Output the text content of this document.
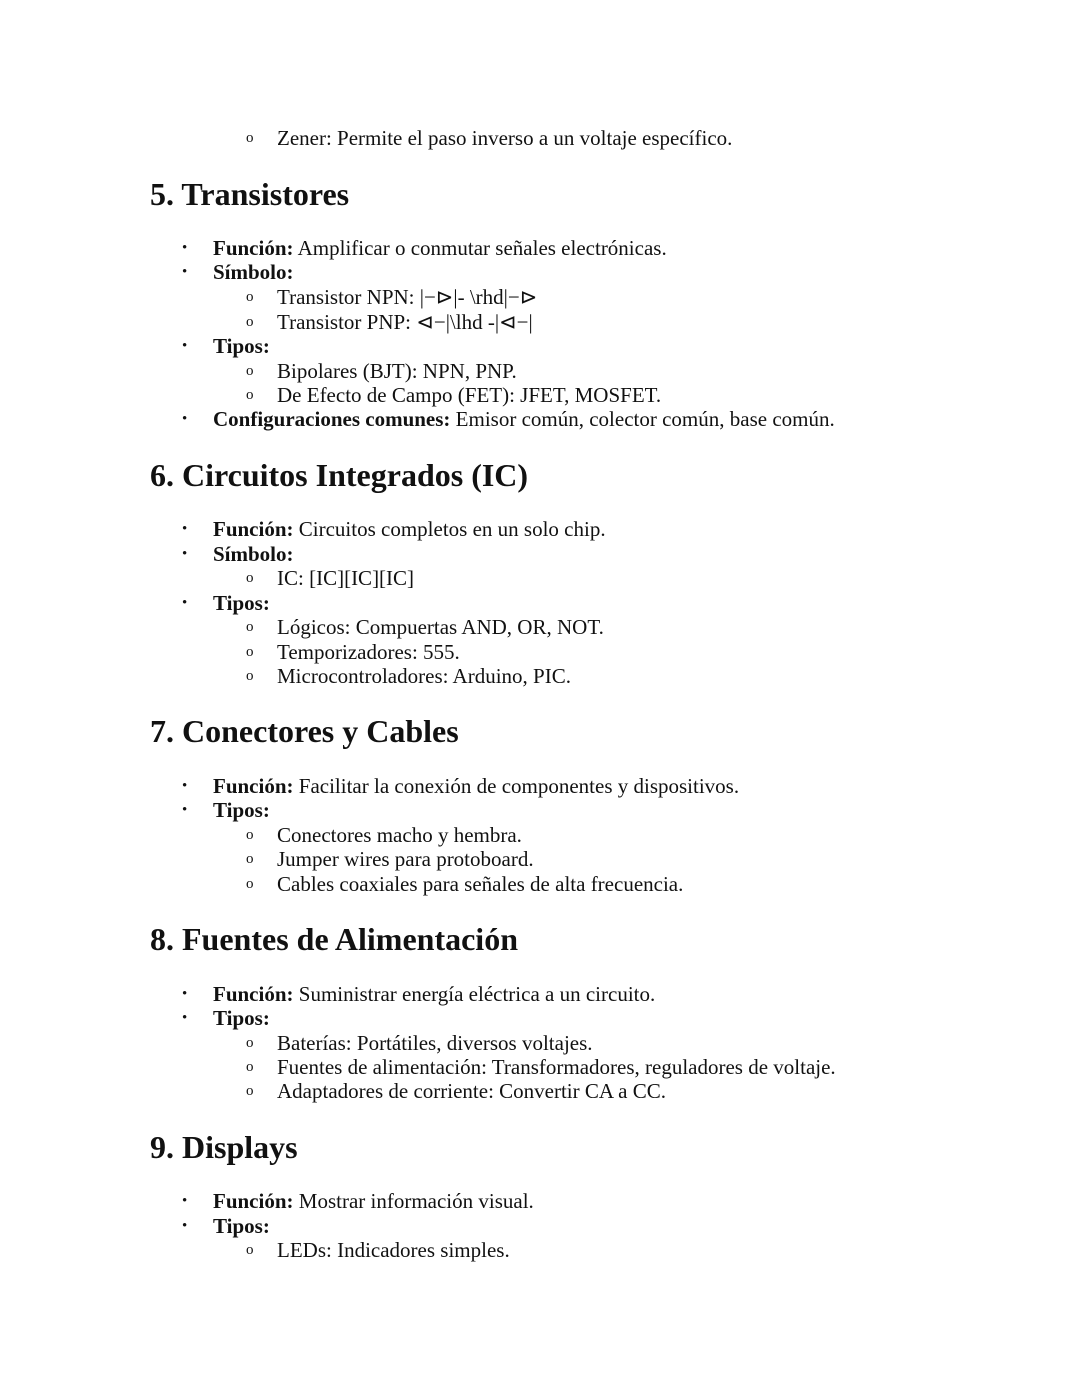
o Zener: Permite el paso inverso a un voltaje específico.
5. Transistores
• Función: Amplificar o conmutar señales electrónicas.
• Símbolo:
o Transistor NPN: |−⊳|- \rhd|−⊳
o Transistor PNP: ⊲−|\lhd -|⊲−|
• Tipos:
o Bipolares (BJT): NPN, PNP.
o De Efecto de Campo (FET): JFET, MOSFET.
• Configuraciones comunes: Emisor común, colector común, base común.
6. Circuitos Integrados (IC)
• Función: Circuitos completos en un solo chip.
• Símbolo:
o IC: [IC][IC][IC]
• Tipos:
o Lógicos: Compuertas AND, OR, NOT.
o Temporizadores: 555.
o Microcontroladores: Arduino, PIC.
7. Conectores y Cables
• Función: Facilitar la conexión de componentes y dispositivos.
• Tipos:
o Conectores macho y hembra.
o Jumper wires para protoboard.
o Cables coaxiales para señales de alta frecuencia.
8. Fuentes de Alimentación
• Función: Suministrar energía eléctrica a un circuito.
• Tipos:
o Baterías: Portátiles, diversos voltajes.
o Fuentes de alimentación: Transformadores, reguladores de voltaje.
o Adaptadores de corriente: Convertir CA a CC.
9. Displays
• Función: Mostrar información visual.
• Tipos:
o LEDs: Indicadores simples.
